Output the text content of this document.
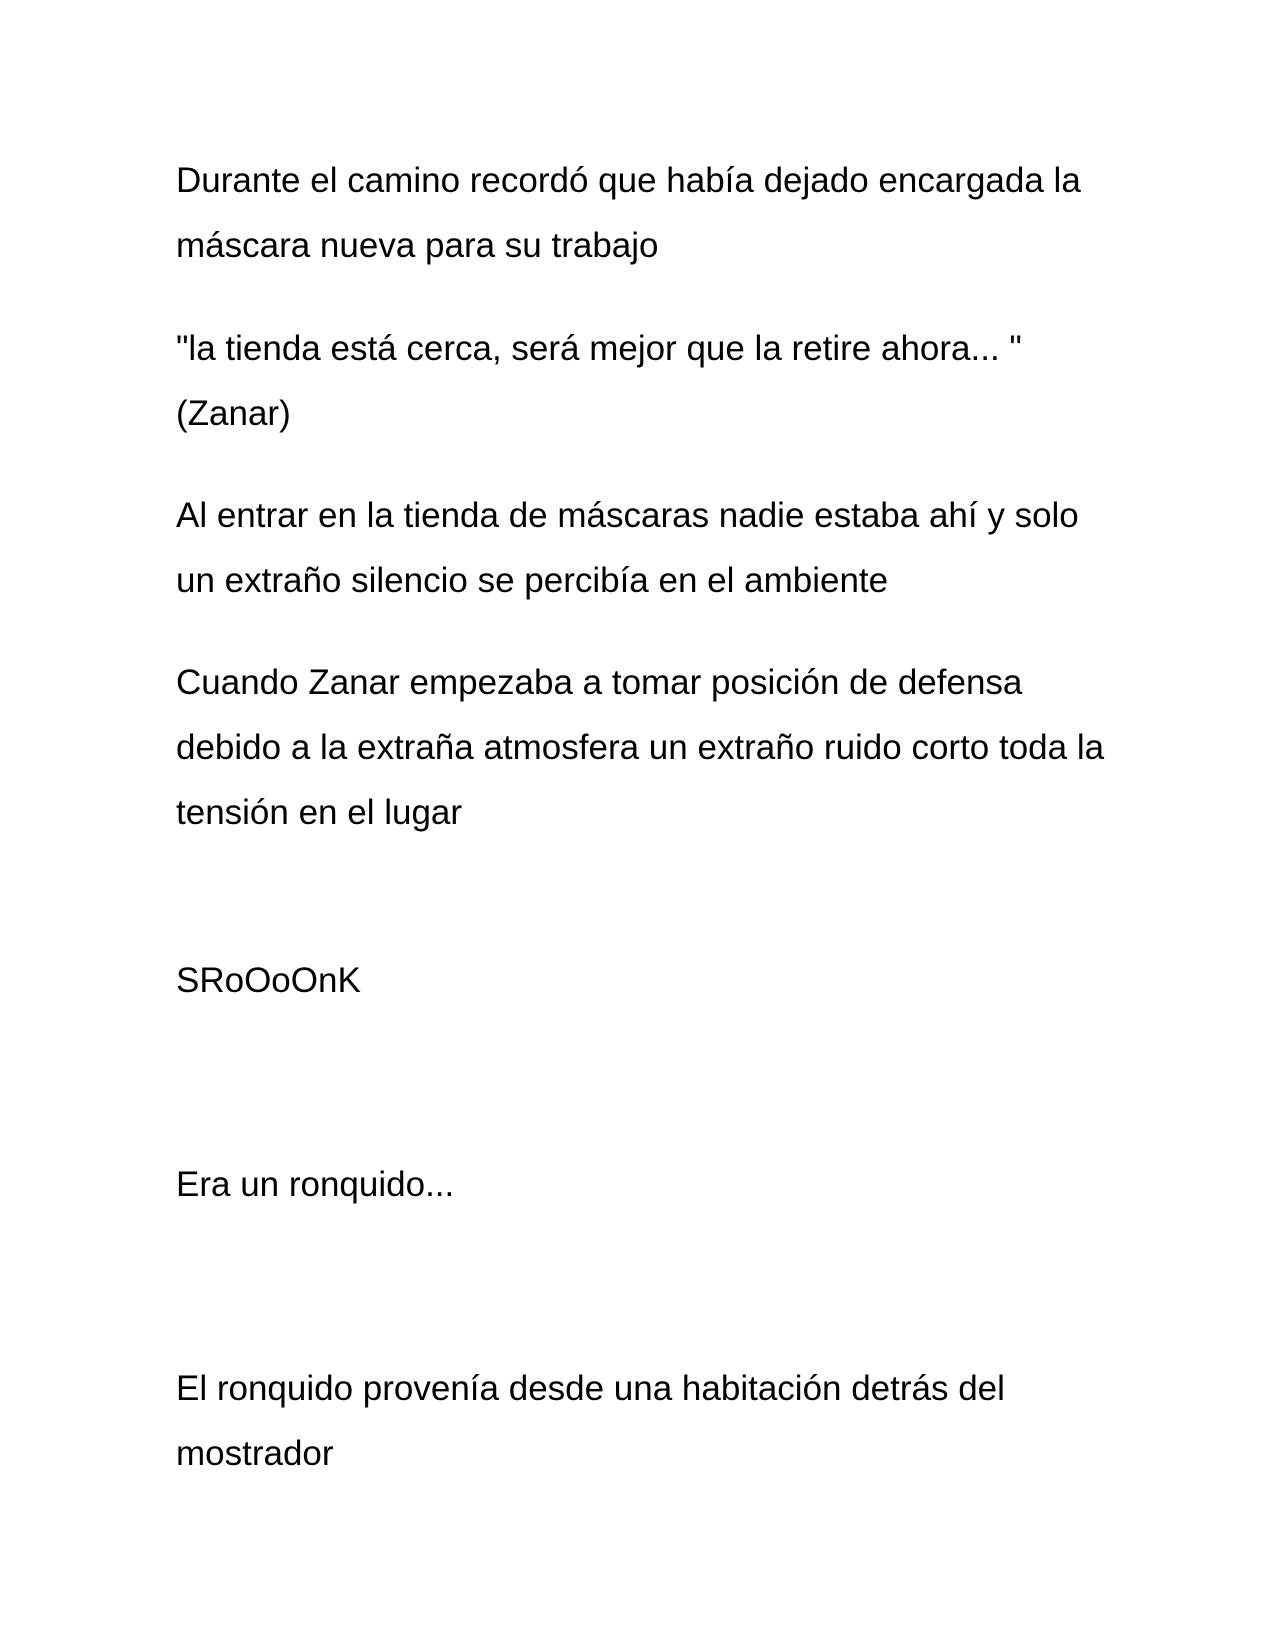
Durante el camino recordó que había dejado encargada la máscara nueva para su trabajo

"la tienda está cerca, será mejor que la retire ahora... " (Zanar)

Al entrar en la tienda de máscaras nadie estaba ahí y solo un extraño silencio se percibía en el ambiente

Cuando Zanar empezaba a tomar posición de defensa debido a la extraña atmosfera un extraño ruido corto toda la tensión en el lugar

SRoOoOnK

Era un ronquido...

El ronquido provenía desde una habitación detrás del mostrador
